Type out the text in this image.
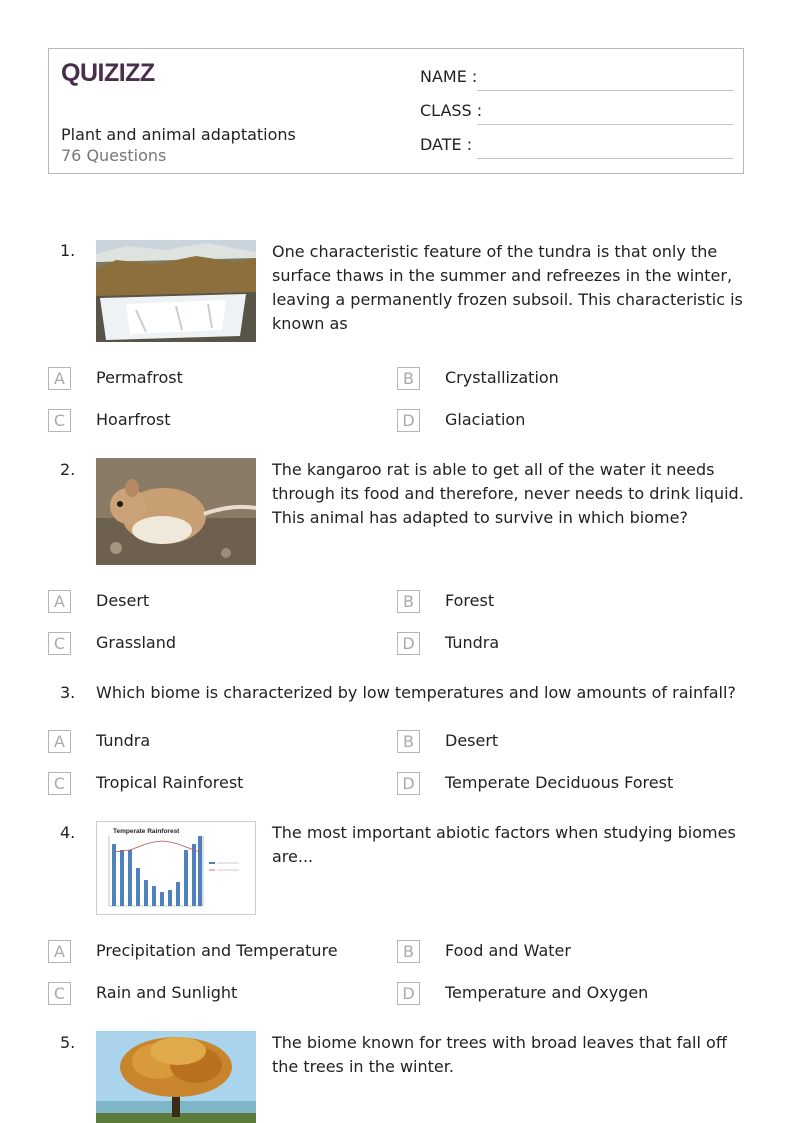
QUIZIZZ
Plant and animal adaptations
76 Questions
NAME :
CLASS :
DATE :
1.	One characteristic feature of the tundra is that only the surface thaws in the summer and refreezes in the winter, leaving a permanently frozen subsoil. This characteristic is known as
A	Permafrost	B	Crystallization
C	Hoarfrost	D	Glaciation
2.	The kangaroo rat is able to get all of the water it needs through its food and therefore, never needs to drink liquid. This animal has adapted to survive in which biome?
A	Desert	B	Forest
C	Grassland	D	Tundra
3. Which biome is characterized by low temperatures and low amounts of rainfall?
A	Tundra	B	Desert
C	Tropical Rainforest	D	Temperate Deciduous Forest
4.	Temperate Rainforest	The most important abiotic factors when studying biomes are...
A	Precipitation and Temperature	B	Food and Water
C	Rain and Sunlight	D	Temperature and Oxygen
5.	The biome known for trees with broad leaves that fall off the trees in the winter.
